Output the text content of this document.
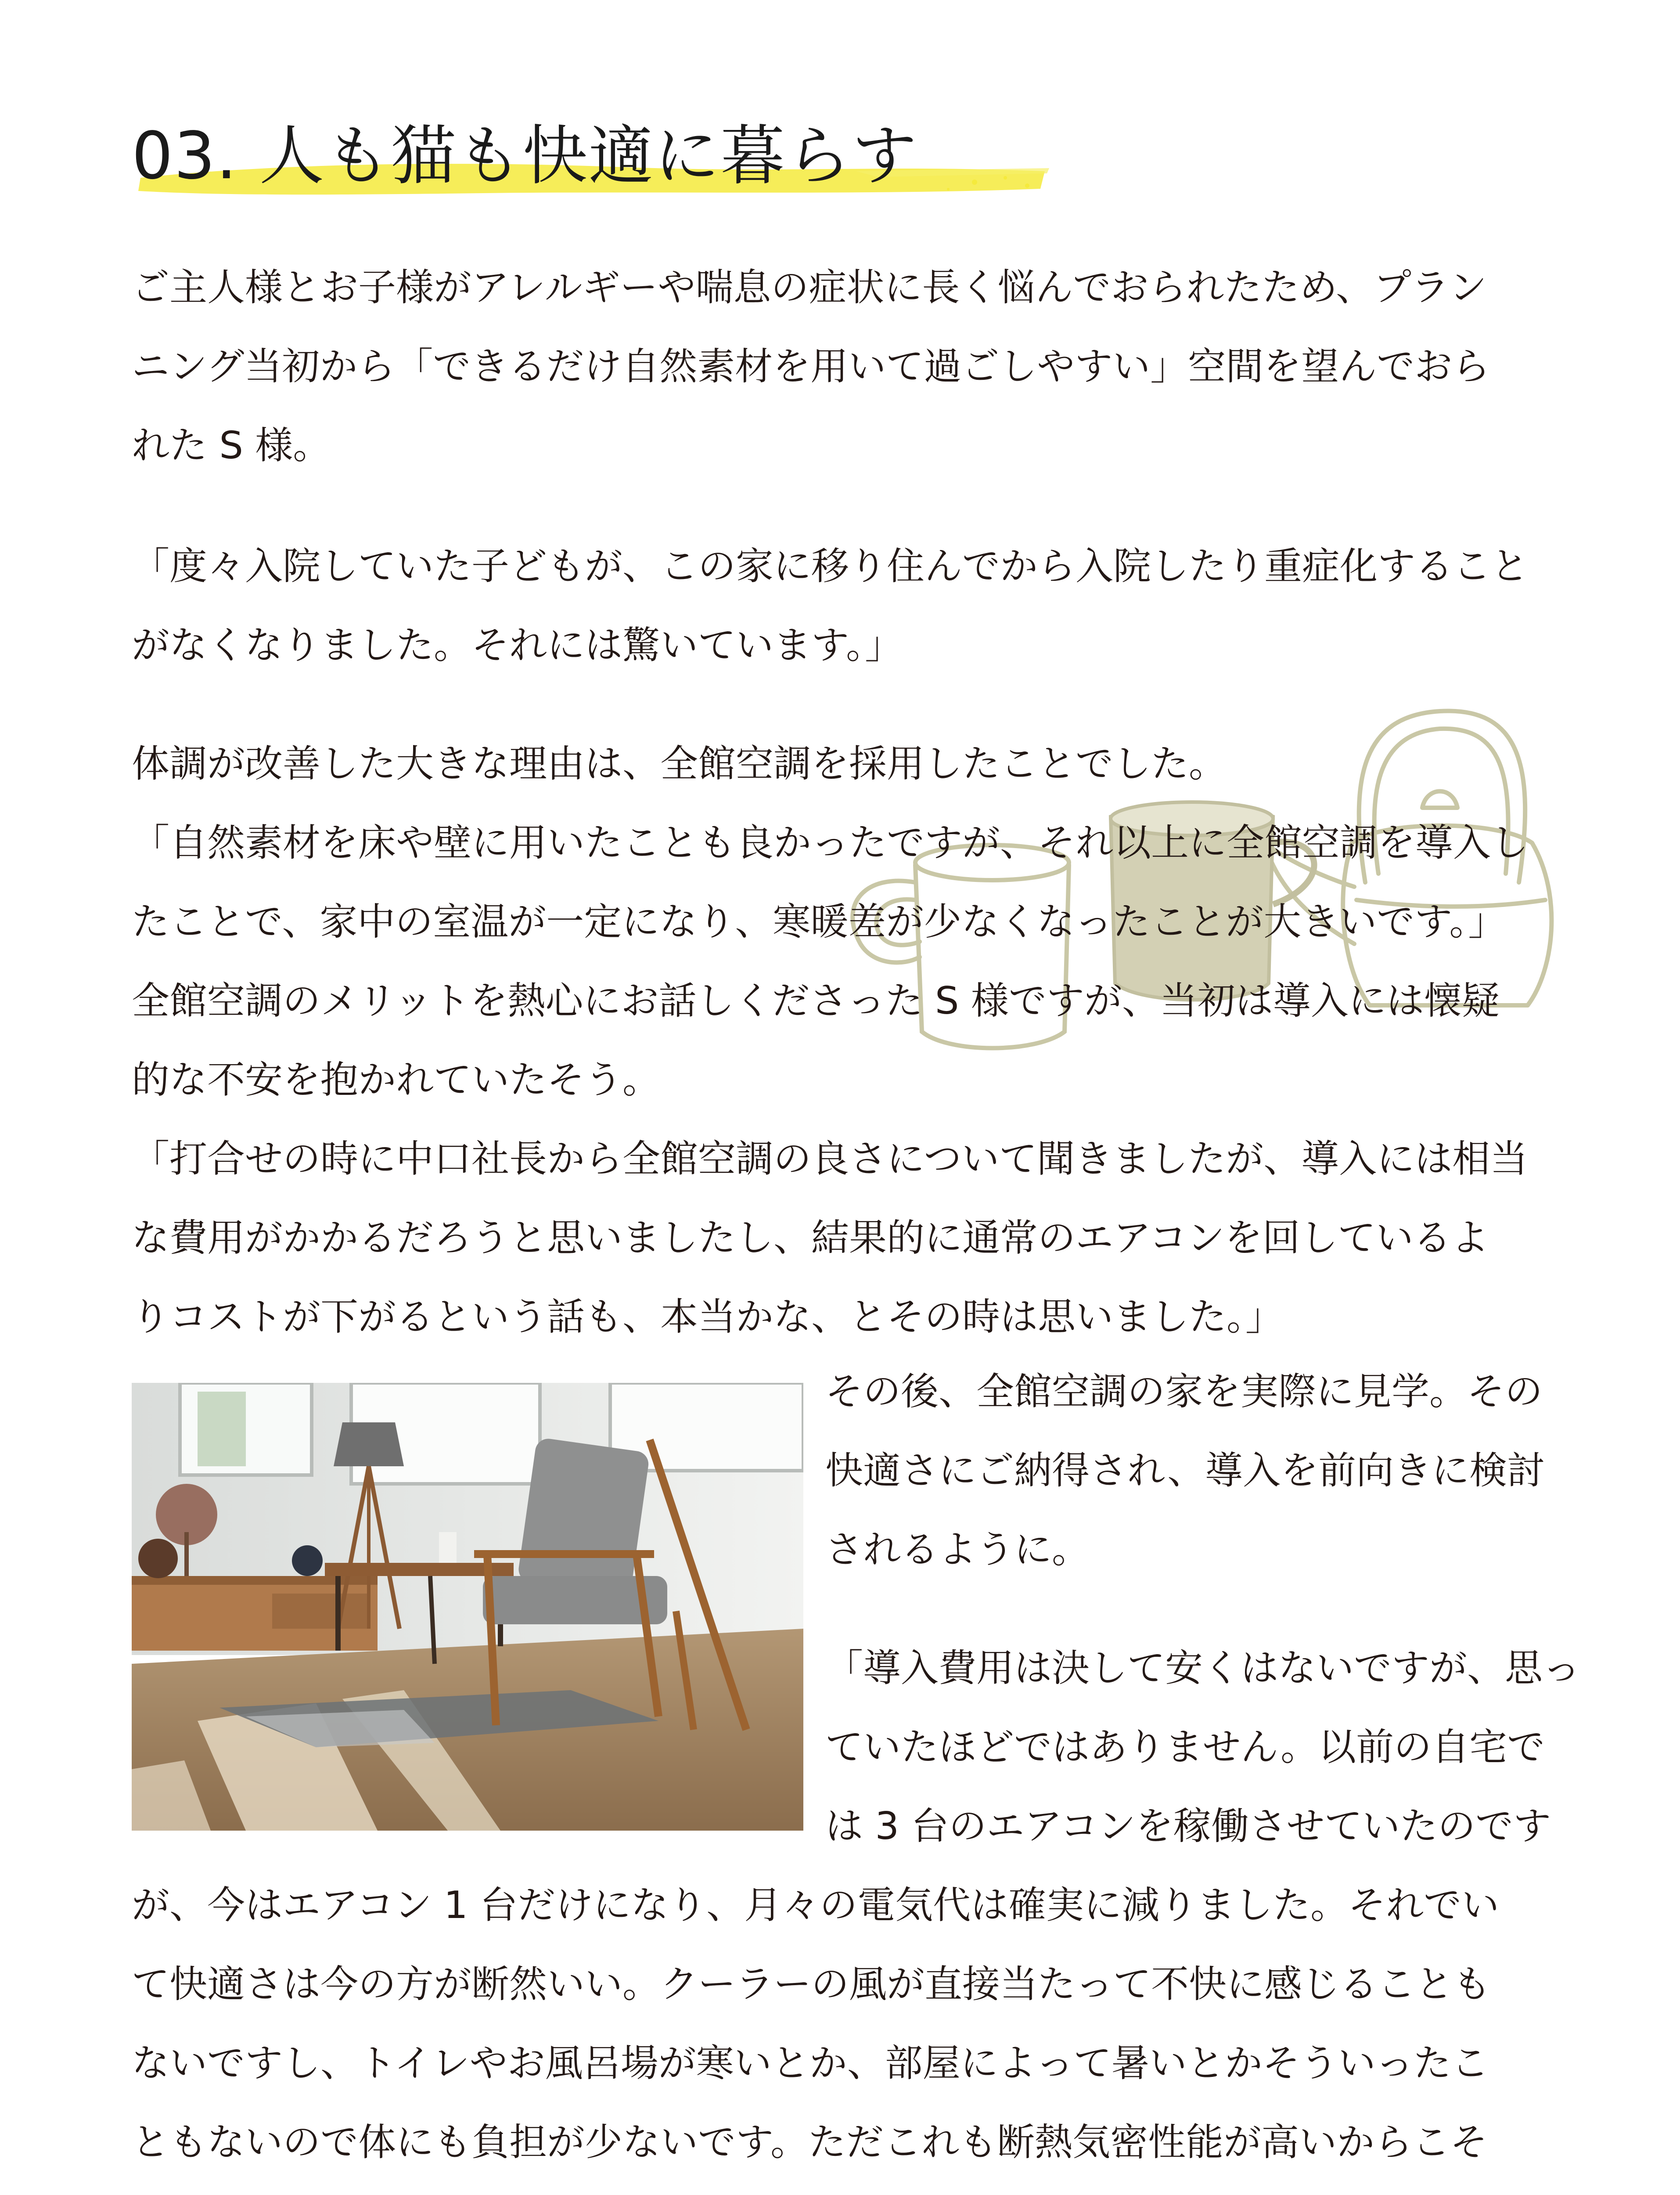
03. 人も猫も快適に暮らす

ご主人様とお子様がアレルギーや喘息の症状に長く悩んでおられたため、プラン

ニング当初から「できるだけ自然素材を用いて過ごしやすい」空間を望んでおら

れた S 様。

「度々入院していた子どもが、この家に移り住んでから入院したり重症化すること

がなくなりました。それには驚いています。」

体調が改善した大きな理由は、全館空調を採用したことでした。

「自然素材を床や壁に用いたことも良かったですが、それ以上に全館空調を導入し

たことで、家中の室温が一定になり、寒暖差が少なくなったことが大きいです。」

全館空調のメリットを熱心にお話しくださった S 様ですが、当初は導入には懐疑

的な不安を抱かれていたそう。

「打合せの時に中口社長から全館空調の良さについて聞きましたが、導入には相当

な費用がかかるだろうと思いましたし、結果的に通常のエアコンを回しているよ

りコストが下がるという話も、本当かな、とその時は思いました。」

その後、全館空調の家を実際に見学。その

快適さにご納得され、導入を前向きに検討

されるように。

「導入費用は決して安くはないですが、思っ

ていたほどではありません。以前の自宅で

は 3 台のエアコンを稼働させていたのです

が、今はエアコン 1 台だけになり、月々の電気代は確実に減りました。それでい

て快適さは今の方が断然いい。クーラーの風が直接当たって不快に感じることも

ないですし、トイレやお風呂場が寒いとか、部屋によって暑いとかそういったこ

ともないので体にも負担が少ないです。ただこれも断熱気密性能が高いからこそ
